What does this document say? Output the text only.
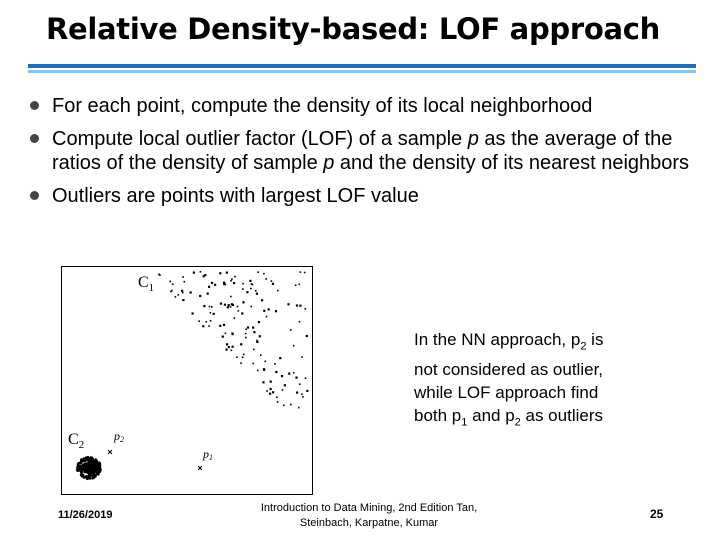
Relative Density-based: LOF approach
For each point, compute the density of its local neighborhood
Compute local outlier factor (LOF) of a sample p as the average of the ratios of the density of sample p and the density of its nearest neighbors
Outliers are points with largest LOF value
$C_1$
$C_2$
p2
p1
In the NN approach, $p_2$ is
not considered as outlier,
while LOF approach find
both $p_1$ and $p_2$ as outliers
11/26/2019
Introduction to Data Mining, 2nd Edition Tan,
Steinbach, Karpatne, Kumar
25
